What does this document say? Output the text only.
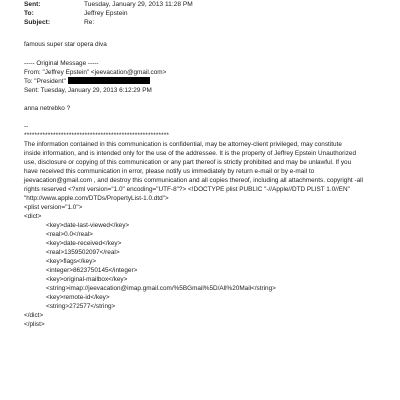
Sent:	Tuesday, January 29, 2013 11:28 PM
To:	Jeffrey Epstein
Subject:	Re:
famous super star opera diva
----- Original Message -----
From: "Jeffrey Epstein" <jeevacation@gmail.com>
To: "President"
Sent: Tuesday, January 29, 2013 6:12:29 PM
anna netrebko ?
--
*******************************************************
The information contained in this communication is confidential, may be attorney-client privileged, may constitute
inside information, and is intended only for the use of the addressee. It is the property of Jeffrey Epstein Unauthorized
use, disclosure or copying of this communication or any part thereof is strictly prohibited and may be unlawful. If you
have received this communication in error, please notify us immediately by return e-mail or by e-mail to
jeevacation@gmail.com , and destroy this communication and all copies thereof, including all attachments. copyright -all
rights reserved <?xml version="1.0" encoding="UTF-8"?> <!DOCTYPE plist PUBLIC "-//Apple//DTD PLIST 1.0//EN"
"http://www.apple.com/DTDs/PropertyList-1.0.dtd">
<plist version="1.0">
<dict>
<key>date-last-viewed</key>
<real>0.0</real>
<key>date-received</key>
<real>1359502097</real>
<key>flags</key>
<integer>8623750145</integer>
<key>original-mailbox</key>
<string>imap://jeevacation@imap.gmail.com/%5BGmail%5D/All%20Mail</string>
<key>remote-id</key>
<string>272577</string>
</dict>
</plist>
